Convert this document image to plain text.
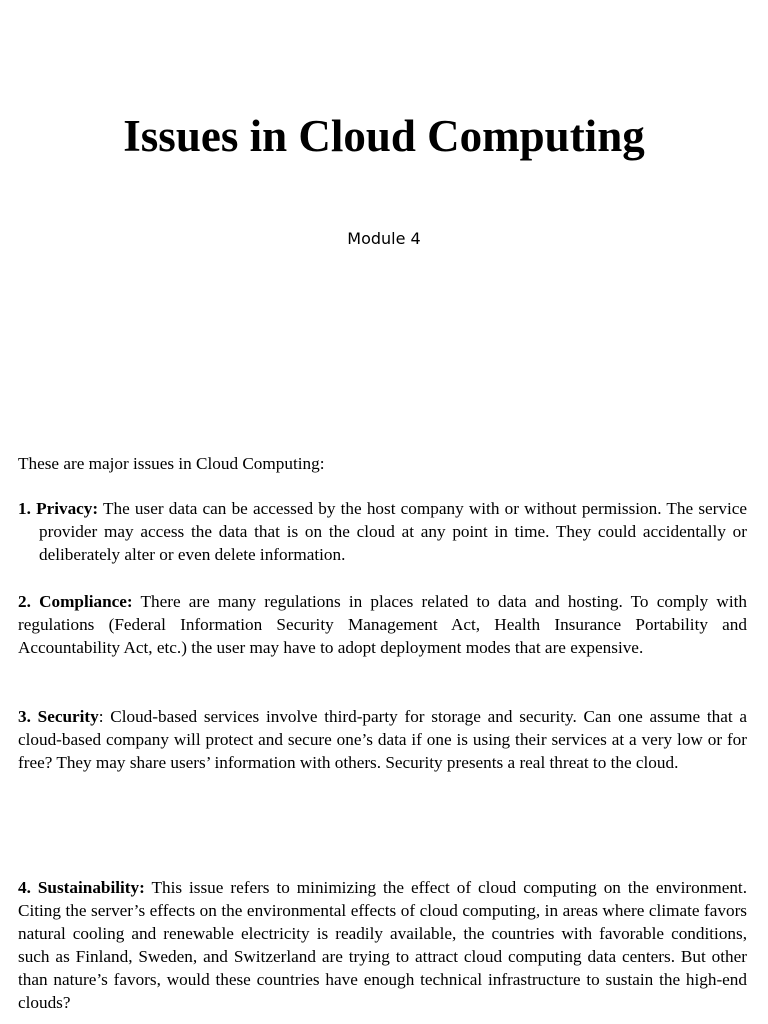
Issues in Cloud Computing
Module 4
These are major issues in Cloud Computing:
1. Privacy: The user data can be accessed by the host company with or without permission. The service provider may access the data that is on the cloud at any point in time. They could accidentally or deliberately alter or even delete information.
2. Compliance: There are many regulations in places related to data and hosting. To comply with regulations (Federal Information Security Management Act, Health Insurance Portability and Accountability Act, etc.) the user may have to adopt deployment modes that are expensive.
3. Security: Cloud-based services involve third-party for storage and security. Can one assume that a cloud-based company will protect and secure one’s data if one is using their services at a very low or for free? They may share users’ information with others. Security presents a real threat to the cloud.
4. Sustainability: This issue refers to minimizing the effect of cloud computing on the environment. Citing the server’s effects on the environmental effects of cloud computing, in areas where climate favors natural cooling and renewable electricity is readily available, the countries with favorable conditions, such as Finland, Sweden, and Switzerland are trying to attract cloud computing data centers. But other than nature’s favors, would these countries have enough technical infrastructure to sustain the high-end clouds?
